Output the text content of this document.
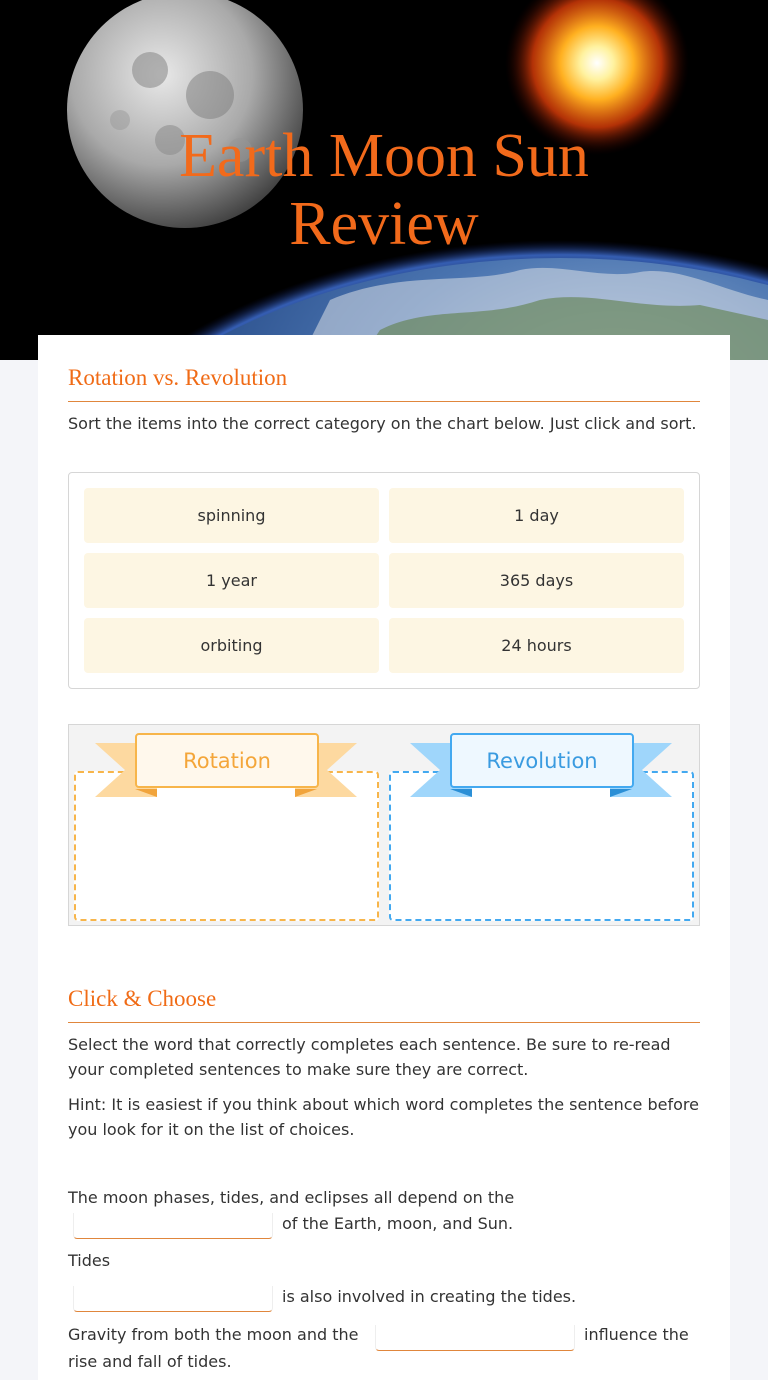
Earth Moon Sun
Review
Rotation vs. Revolution
Sort the items into the correct category on the chart below. Just click and sort.
spinning	1 day
1 year	365 days
orbiting	24 hours
Rotation	Revolution
Click & Choose
Select the word that correctly completes each sentence. Be sure to re-read your completed sentences to make sure they are correct.
Hint: It is easiest if you think about which word completes the sentence before you look for it on the list of choices.
The moon phases, tides, and eclipses all depend on the
of the Earth, moon, and Sun.
Tides
is also involved in creating the tides.
Gravity from both the moon and the	influence the
rise and fall of tides.
